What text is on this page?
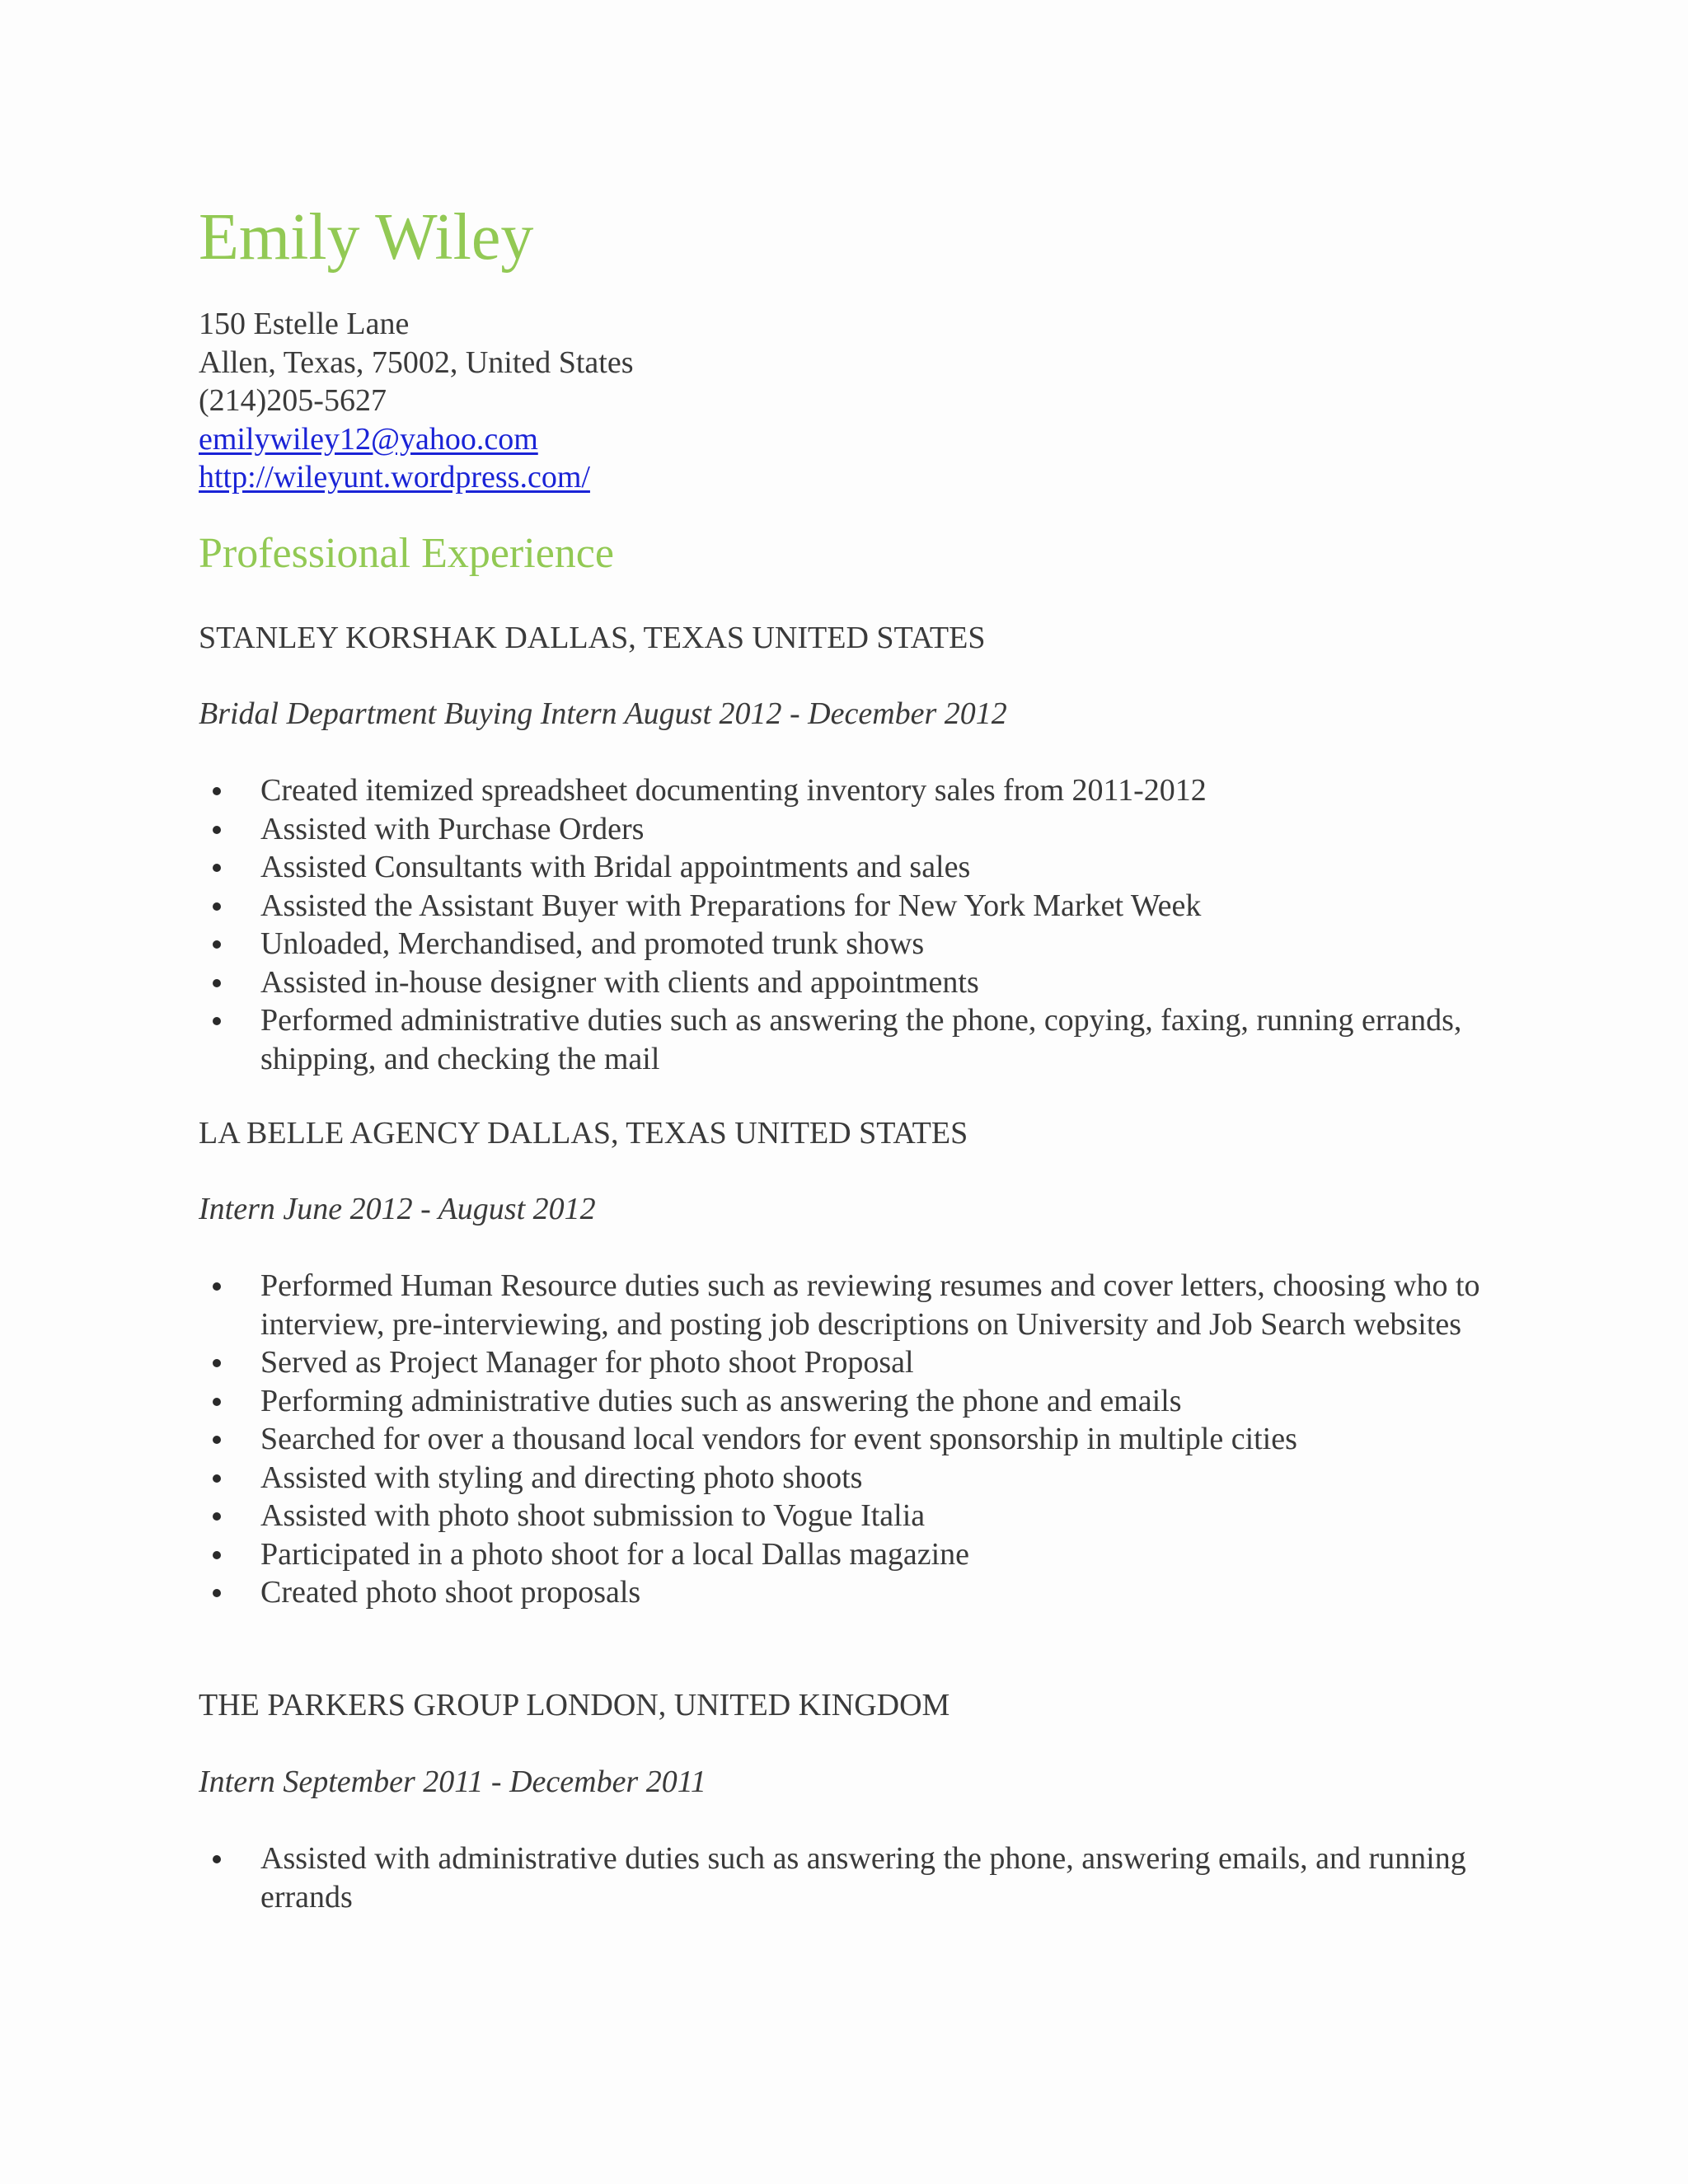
Emily Wiley
150 Estelle Lane
Allen, Texas, 75002, United States
(214)205-5627
emilywiley12@yahoo.com
http://wileyunt.wordpress.com/
Professional Experience
STANLEY KORSHAK DALLAS, TEXAS UNITED STATES
Bridal Department Buying Intern August 2012 - December 2012
Created itemized spreadsheet documenting inventory sales from 2011-2012
Assisted with Purchase Orders
Assisted Consultants with Bridal appointments and sales
Assisted the Assistant Buyer with Preparations for New York Market Week
Unloaded, Merchandised, and promoted trunk shows
Assisted in-house designer with clients and appointments
Performed administrative duties such as answering the phone, copying, faxing, running errands, shipping, and checking the mail
LA BELLE AGENCY DALLAS, TEXAS UNITED STATES
Intern June 2012 - August 2012
Performed Human Resource duties such as reviewing resumes and cover letters, choosing who to interview, pre-interviewing, and posting job descriptions on University and Job Search websites
Served as Project Manager for photo shoot Proposal
Performing administrative duties such as answering the phone and emails
Searched for over a thousand local vendors for event sponsorship in multiple cities
Assisted with styling and directing photo shoots
Assisted with photo shoot submission to Vogue Italia
Participated in a photo shoot for a local Dallas magazine
Created photo shoot proposals
THE PARKERS GROUP LONDON, UNITED KINGDOM
Intern September 2011 - December 2011
Assisted with administrative duties such as answering the phone, answering emails, and running errands
